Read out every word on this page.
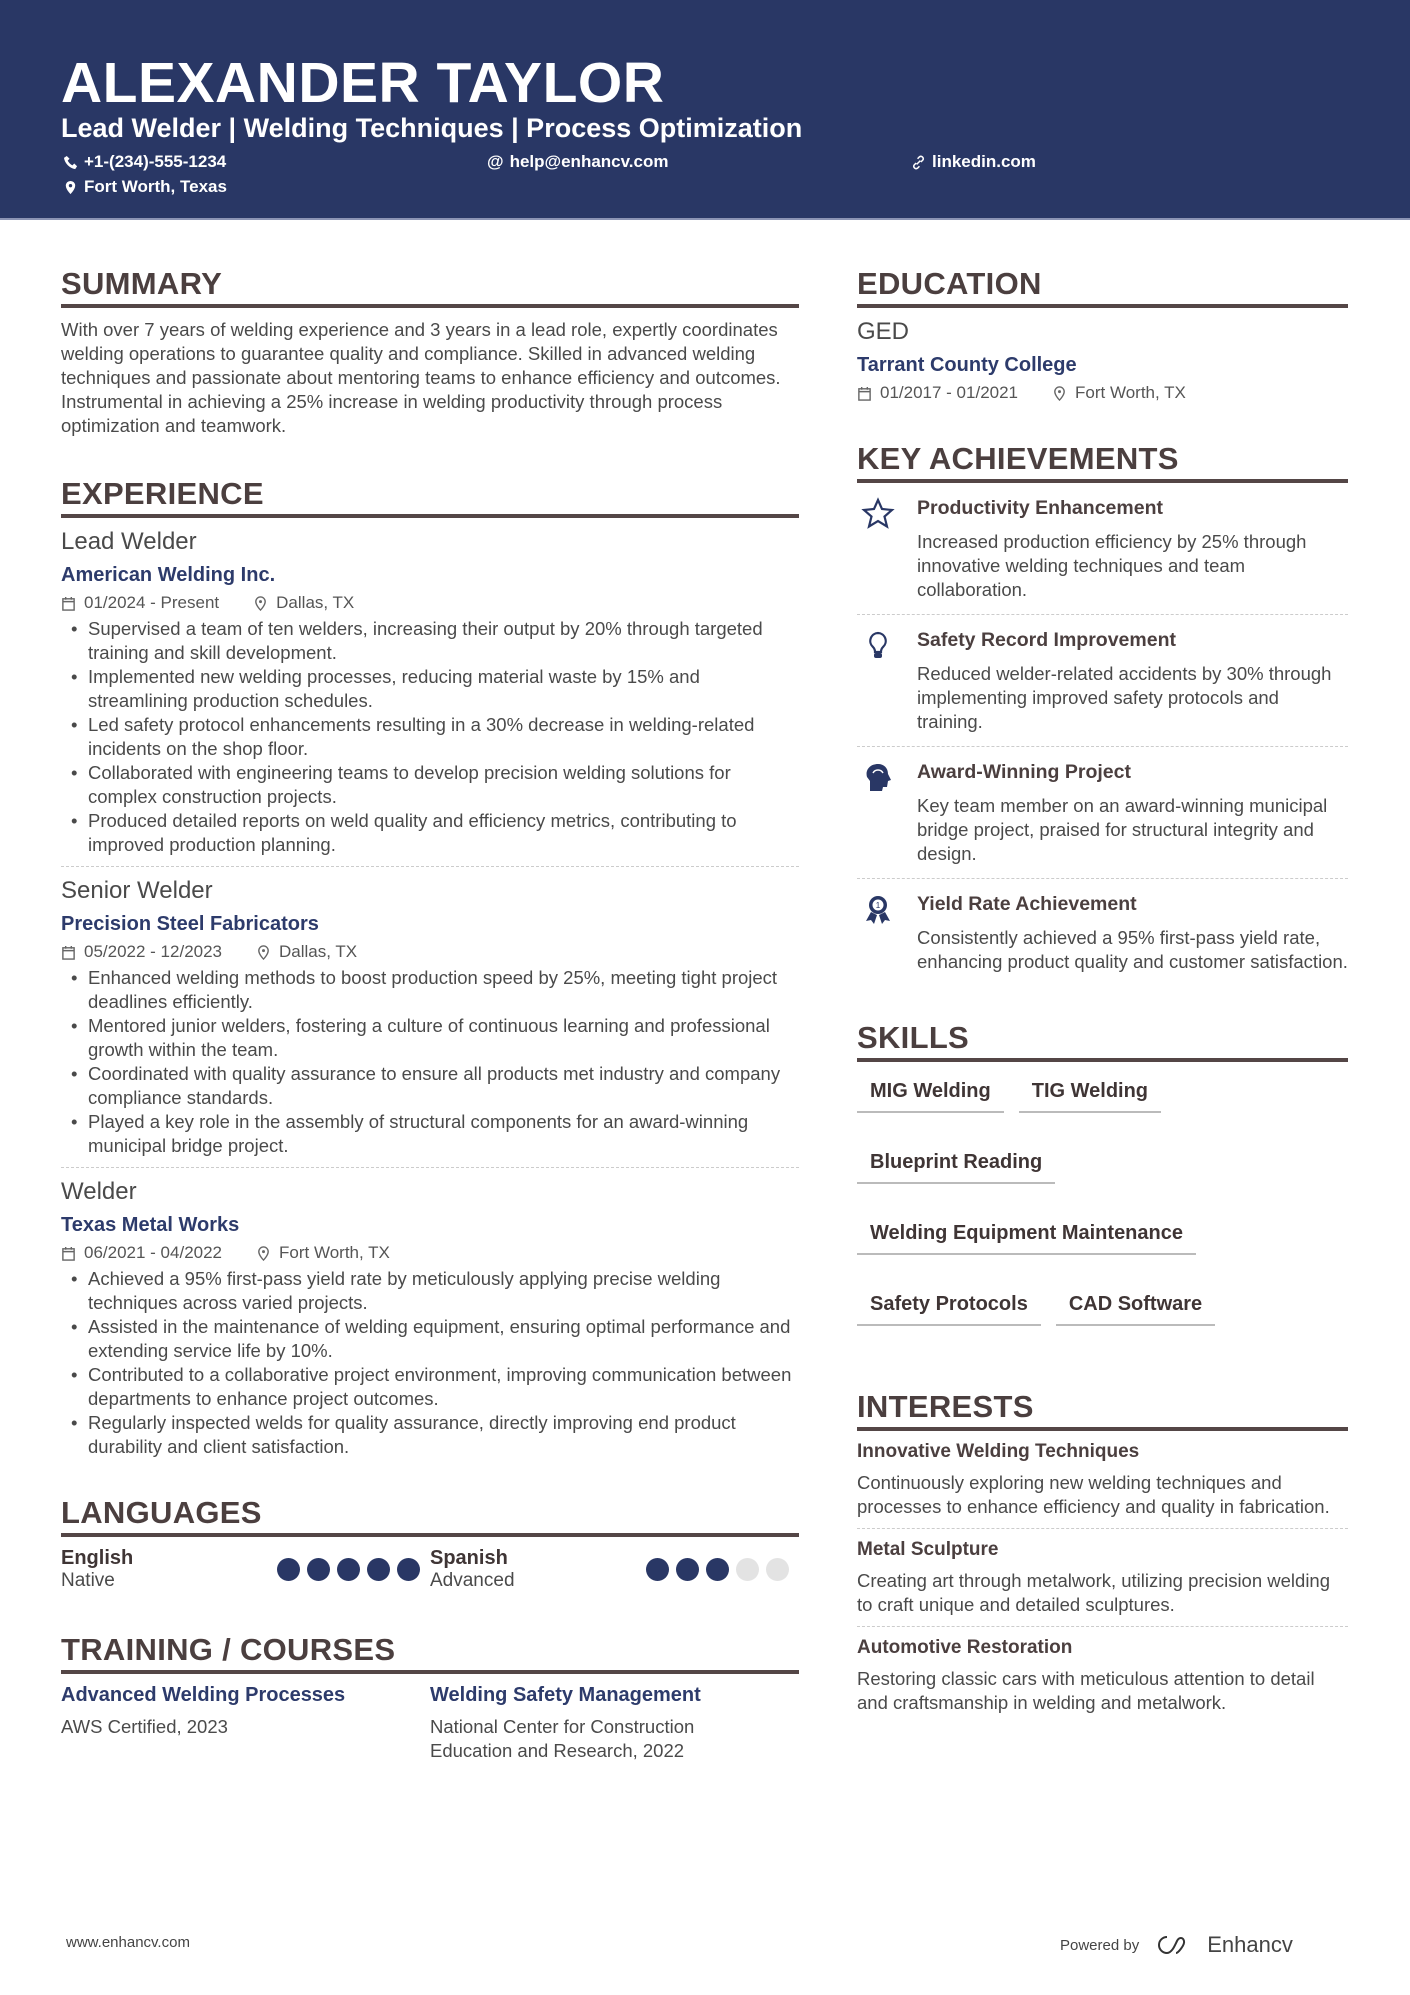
ALEXANDER TAYLOR
Lead Welder | Welding Techniques | Process Optimization
+1-(234)-555-1234	@ help@enhancv.com	linkedin.com
Fort Worth, Texas
SUMMARY
With over 7 years of welding experience and 3 years in a lead role, expertly coordinates welding operations to guarantee quality and compliance. Skilled in advanced welding techniques and passionate about mentoring teams to enhance efficiency and outcomes. Instrumental in achieving a 25% increase in welding productivity through process optimization and teamwork.
EXPERIENCE
Lead Welder
American Welding Inc.
01/2024 - Present	Dallas, TX
• Supervised a team of ten welders, increasing their output by 20% through targeted training and skill development.
• Implemented new welding processes, reducing material waste by 15% and streamlining production schedules.
• Led safety protocol enhancements resulting in a 30% decrease in welding-related incidents on the shop floor.
• Collaborated with engineering teams to develop precision welding solutions for complex construction projects.
• Produced detailed reports on weld quality and efficiency metrics, contributing to improved production planning.
Senior Welder
Precision Steel Fabricators
05/2022 - 12/2023	Dallas, TX
• Enhanced welding methods to boost production speed by 25%, meeting tight project deadlines efficiently.
• Mentored junior welders, fostering a culture of continuous learning and professional growth within the team.
• Coordinated with quality assurance to ensure all products met industry and company compliance standards.
• Played a key role in the assembly of structural components for an award-winning municipal bridge project.
Welder
Texas Metal Works
06/2021 - 04/2022	Fort Worth, TX
• Achieved a 95% first-pass yield rate by meticulously applying precise welding techniques across varied projects.
• Assisted in the maintenance of welding equipment, ensuring optimal performance and extending service life by 10%.
• Contributed to a collaborative project environment, improving communication between departments to enhance project outcomes.
• Regularly inspected welds for quality assurance, directly improving end product durability and client satisfaction.
LANGUAGES
English
Native
Spanish
Advanced
TRAINING / COURSES
Advanced Welding Processes
AWS Certified, 2023
Welding Safety Management
National Center for Construction Education and Research, 2022
EDUCATION
GED
Tarrant County College
01/2017 - 01/2021	Fort Worth, TX
KEY ACHIEVEMENTS
Productivity Enhancement
Increased production efficiency by 25% through innovative welding techniques and team collaboration.
Safety Record Improvement
Reduced welder-related accidents by 30% through implementing improved safety protocols and training.
Award-Winning Project
Key team member on an award-winning municipal bridge project, praised for structural integrity and design.
1 Yield Rate Achievement
Consistently achieved a 95% first-pass yield rate, enhancing product quality and customer satisfaction.
SKILLS
MIG Welding	TIG Welding
Blueprint Reading
Welding Equipment Maintenance
Safety Protocols	CAD Software
INTERESTS
Innovative Welding Techniques
Continuously exploring new welding techniques and processes to enhance efficiency and quality in fabrication.
Metal Sculpture
Creating art through metalwork, utilizing precision welding to craft unique and detailed sculptures.
Automotive Restoration
Restoring classic cars with meticulous attention to detail and craftsmanship in welding and metalwork.
www.enhancv.com	Powered by	Enhancv
